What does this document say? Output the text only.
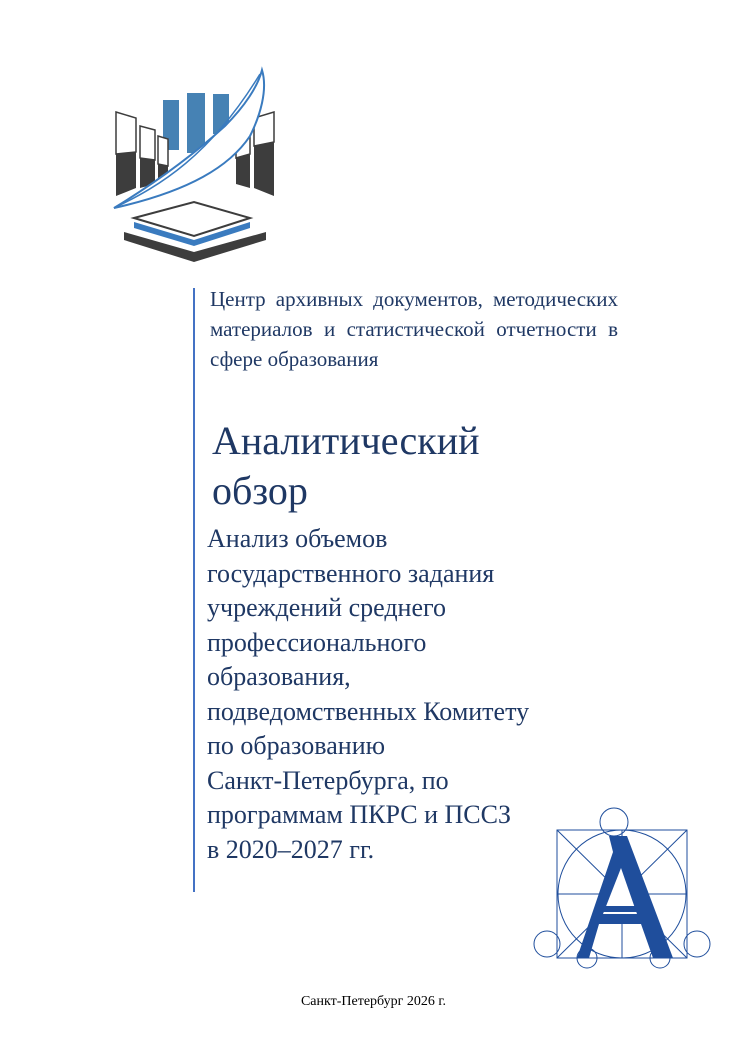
Центр архивных документов, методических материалов и статистической отчетности в сфере образования
Аналитический
обзор
Анализ объемов
государственного задания
учреждений среднего
профессионального
образования,
подведомственных Комитету
по образованию
Санкт-Петербурга, по
программам ПКРС и ПССЗ
в 2020–2027 гг.
Санкт-Петербург 2026 г.
